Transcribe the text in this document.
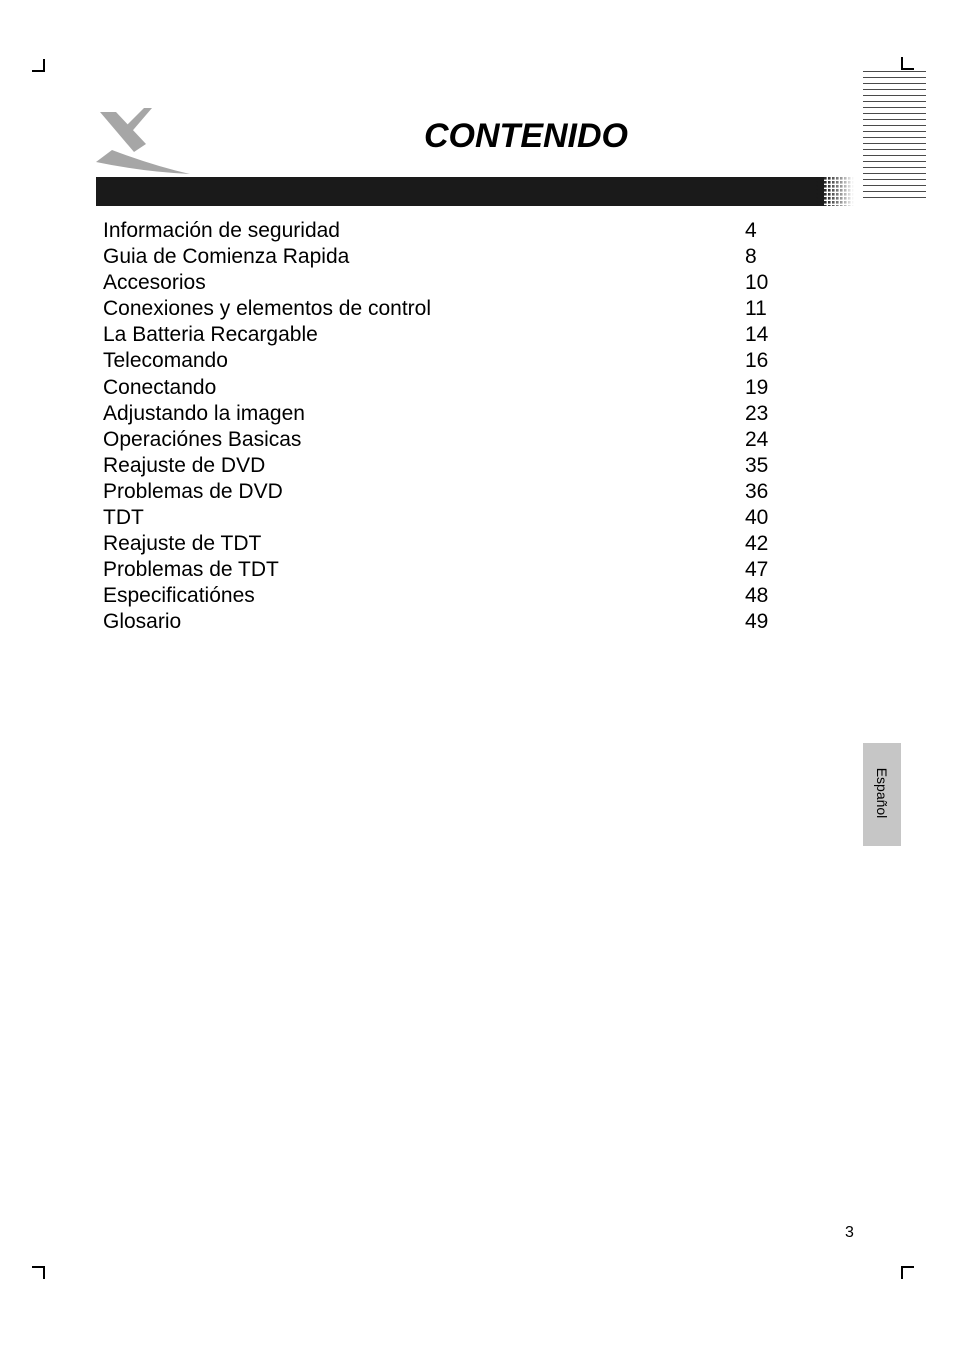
CONTENIDO
Información de seguridad	4
Guia de Comienza Rapida	8
Accesorios	10
Conexiones y elementos de control	11
La Batteria Recargable	14
Telecomando	16
Conectando	19
Adjustando la imagen	23
Operaciónes Basicas	24
Reajuste de DVD	35
Problemas de DVD	36
TDT	40
Reajuste de TDT	42
Problemas de TDT	47
Especificatiónes	48
Glosario	49
Español
3
